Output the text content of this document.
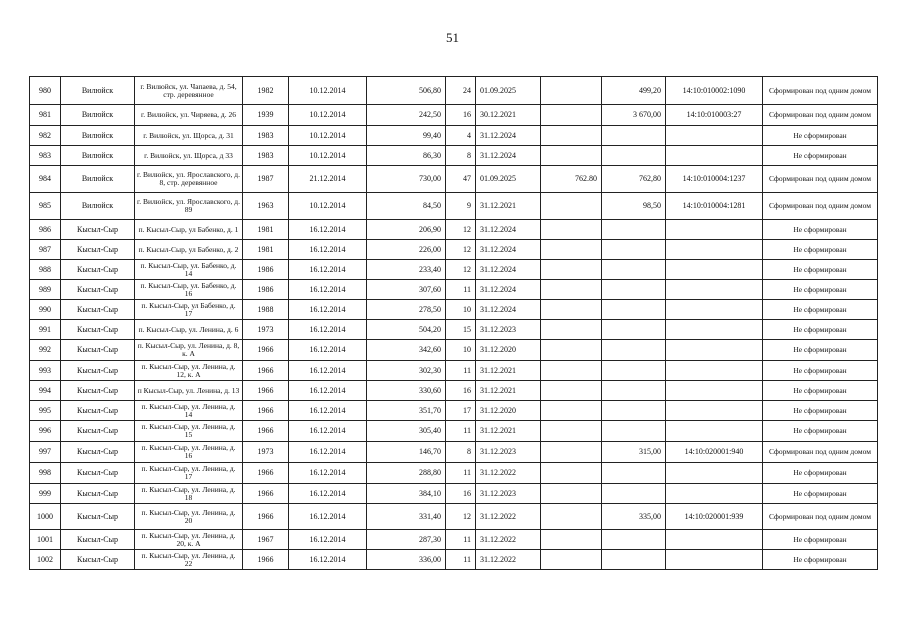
51
980	Вилюйск	г. Вилюйск, ул. Чапаева, д. 54, стр. деревянное	1982	10.12.2014	506,80	24	01.09.2025		499,20	14:10:010002:1090	Сформирован под одним домом
981	Вилюйск	г. Вилюйск, ул. Чиряева, д. 26	1939	10.12.2014	242,50	16	30.12.2021		3 670,00	14:10:010003:27	Сформирован под одним домом
982	Вилюйск	г. Вилюйск, ул. Щорса, д. 31	1983	10.12.2014	99,40	4	31.12.2024				Не сформирован
983	Вилюйск	г. Вилюйск, ул. Щорса, д 33	1983	10.12.2014	86,30	8	31.12.2024				Не сформирован
984	Вилюйск	г. Вилюйск, ул. Ярославского, д. 8, стр. деревянное	1987	21.12.2014	730,00	47	01.09.2025	762.80	762,80	14:10:010004:1237	Сформирован под одним домом
985	Вилюйск	г. Вилюйск, ул. Ярославского, д. 89	1963	10.12.2014	84,50	9	31.12.2021		98,50	14:10:010004:1281	Сформирован под одним домом
986	Кысыл-Сыр	п. Кысыл-Сыр, ул Бабенко, д. 1	1981	16.12.2014	206,90	12	31.12.2024				Не сформирован
987	Кысыл-Сыр	п. Кысыл-Сыр, ул Бабенко, д. 2	1981	16.12.2014	226,00	12	31.12.2024				Не сформирован
988	Кысыл-Сыр	п. Кысыл-Сыр, ул. Бабенко, д. 14	1986	16.12.2014	233,40	12	31.12.2024				Не сформирован
989	Кысыл-Сыр	п. Кысыл-Сыр, ул. Бабенко, д. 16	1986	16.12.2014	307,60	11	31.12.2024				Не сформирован
990	Кысыл-Сыр	п. Кысыл-Сыр, ул Бабенко, д. 17	1988	16.12.2014	278,50	10	31.12.2024				Не сформирован
991	Кысыл-Сыр	п. Кысыл-Сыр, ул. Ленина, д. 6	1973	16.12.2014	504,20	15	31.12.2023				Не сформирован
992	Кысыл-Сыр	п. Кысыл-Сыр, ул. Ленина, д. 8, к. А	1966	16.12.2014	342,60	10	31.12.2020				Не сформирован
993	Кысыл-Сыр	п. Кысыл-Сыр, ул. Ленина, д. 12, к. А	1966	16.12.2014	302,30	11	31.12.2021				Не сформирован
994	Кысыл-Сыр	п Кысыл-Сыр, ул. Ленина, д. 13	1966	16.12.2014	330,60	16	31.12.2021				Не сформирован
995	Кысыл-Сыр	п. Кысыл-Сыр, ул. Ленина, д. 14	1966	16.12.2014	351,70	17	31.12.2020				Не сформирован
996	Кысыл-Сыр	п. Кысыл-Сыр, ул. Ленина, д. 15	1966	16.12.2014	305,40	11	31.12.2021				Не сформирован
997	Кысыл-Сыр	п. Кысыл-Сыр, ул. Ленина, д. 16	1973	16.12.2014	146,70	8	31.12.2023		315,00	14:10:020001:940	Сформирован под одним домом
998	Кысыл-Сыр	п. Кысыл-Сыр, ул. Ленина, д. 17	1966	16.12.2014	288,80	11	31.12.2022				Не сформирован
999	Кысыл-Сыр	п. Кысыл-Сыр, ул. Ленина, д. 18	1966	16.12.2014	384,10	16	31.12.2023				Не сформирован
1000	Кысыл-Сыр	п. Кысыл-Сыр, ул. Ленина, д. 20	1966	16.12.2014	331,40	12	31.12.2022		335,00	14:10:020001:939	Сформирован под одним домом
1001	Кысыл-Сыр	п. Кысыл-Сыр, ул. Ленина, д. 20, к. А	1967	16.12.2014	287,30	11	31.12.2022				Не сформирован
1002	Кысыл-Сыр	п. Кысыл-Сыр, ул. Ленина, д. 22	1966	16.12.2014	336,00	11	31.12.2022				Не сформирован
